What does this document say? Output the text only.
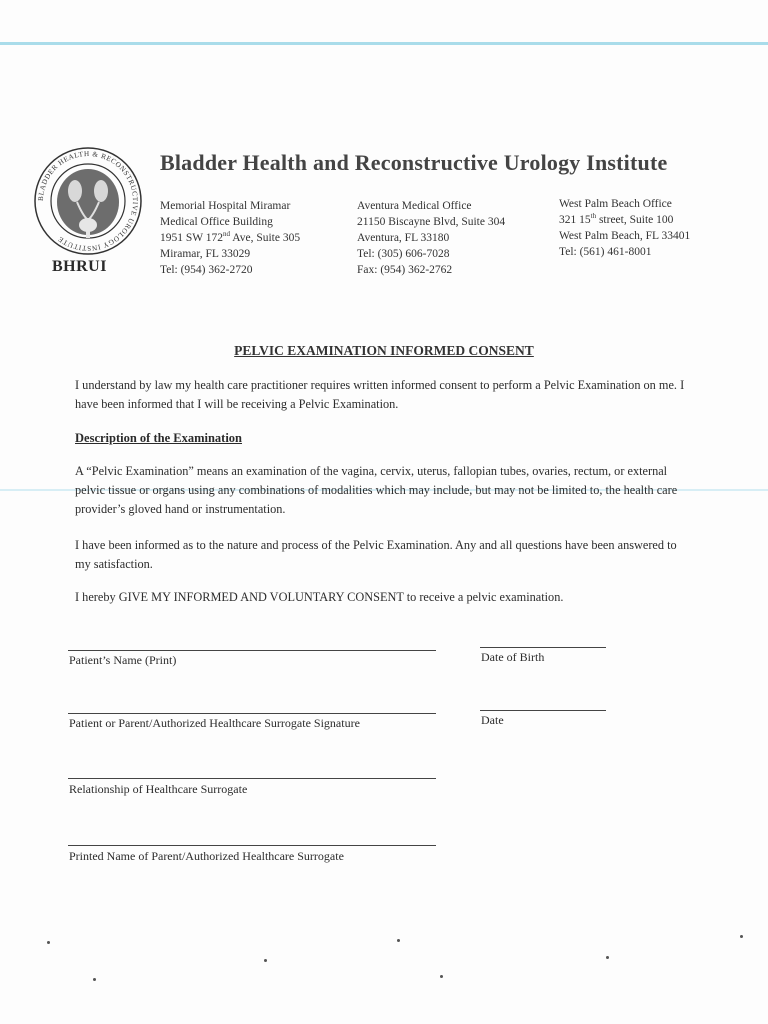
BLADDER HEALTH & RECONSTRUCTIVE UROLOGY INSTITUTE
BHRUI
Bladder Health and Reconstructive Urology Institute
Memorial Hospital Miramar
Medical Office Building
1951 SW 172nd Ave, Suite 305
Miramar, FL 33029
Tel: (954) 362-2720
Aventura Medical Office
21150 Biscayne Blvd, Suite 304
Aventura, FL 33180
Tel: (305) 606-7028
Fax: (954) 362-2762
West Palm Beach Office
321 15th street, Suite 100
West Palm Beach, FL 33401
Tel: (561) 461-8001
PELVIC EXAMINATION INFORMED CONSENT
I understand by law my health care practitioner requires written informed consent to perform a Pelvic Examination on me. I have been informed that I will be receiving a Pelvic Examination.
Description of the Examination
A “Pelvic Examination” means an examination of the vagina, cervix, uterus, fallopian tubes, ovaries, rectum, or external pelvic tissue or organs using any combinations of modalities which may include, but may not be limited to, the health care provider’s gloved hand or instrumentation.
I have been informed as to the nature and process of the Pelvic Examination. Any and all questions have been answered to my satisfaction.
I hereby GIVE MY INFORMED AND VOLUNTARY CONSENT to receive a pelvic examination.
Patient’s Name (Print)	Date of Birth
Patient or Parent/Authorized Healthcare Surrogate Signature	Date
Relationship of Healthcare Surrogate
Printed Name of Parent/Authorized Healthcare Surrogate
